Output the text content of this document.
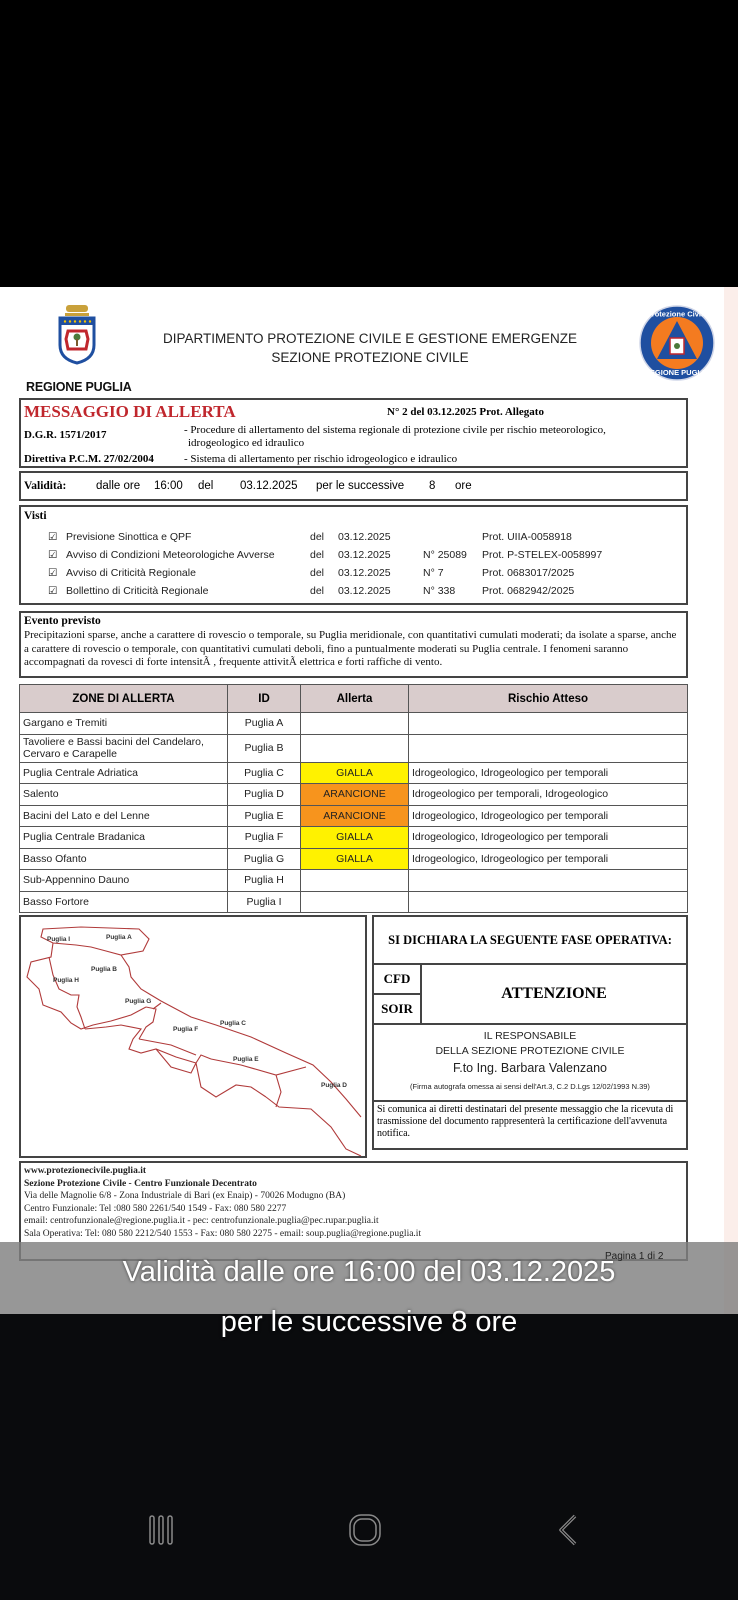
REGIONE PUGLIA
DIPARTIMENTO PROTEZIONE CIVILE E GESTIONE EMERGENZE
SEZIONE PROTEZIONE CIVILE
Protezione Civile
REGIONE PUGLIA
MESSAGGIO DI ALLERTA	N° 2 del 03.12.2025 Prot. Allegato
D.G.R. 1571/2017	- Procedure di allertamento del sistema regionale di protezione civile per rischio meteorologico,
idrogeologico ed idraulico
Direttiva P.C.M. 27/02/2004	- Sistema di allertamento per rischio idrogeologico e idraulico
Validità:	dalle ore	16:00	del	03.12.2025	per le successive	8	ore
Visti
☑ Previsione Sinottica e QPF	del 03.12.2025	Prot. UIIA-0058918
☑ Avviso di Condizioni Meteorologiche Avverse	del 03.12.2025	N° 25089 Prot. P-STELEX-0058997
☑ Avviso di Criticità Regionale	del 03.12.2025	N° 7	Prot. 0683017/2025
☑ Bollettino di Criticità Regionale	del 03.12.2025	N° 338	Prot. 0682942/2025
Evento previsto
Precipitazioni sparse, anche a carattere di rovescio o temporale, su Puglia meridionale, con quantitativi cumulati moderati; da isolate a sparse, anche a carattere di rovescio o temporale, con quantitativi cumulati deboli, fino a puntualmente moderati su Puglia centrale. I fenomeni saranno accompagnati da rovesci di forte intensitÃ , frequente attivitÃ elettrica e forti raffiche di vento.
ZONE DI ALLERTA	ID	Allerta	Rischio Atteso
Gargano e Tremiti	Puglia A		
Tavoliere e Bassi bacini del Candelaro, Cervaro e Carapelle	Puglia B		
Puglia Centrale Adriatica	Puglia C	GIALLA	Idrogeologico, Idrogeologico per temporali
Salento	Puglia D	ARANCIONE	Idrogeologico per temporali, Idrogeologico
Bacini del Lato e del Lenne	Puglia E	ARANCIONE	Idrogeologico, Idrogeologico per temporali
Puglia Centrale Bradanica	Puglia F	GIALLA	Idrogeologico, Idrogeologico per temporali
Basso Ofanto	Puglia G	GIALLA	Idrogeologico, Idrogeologico per temporali
Sub-Appennino Dauno	Puglia H		
Basso Fortore	Puglia I		
Puglia I	Puglia A
Puglia B
Puglia H
Puglia G
Puglia F
Puglia C
Puglia E
Puglia D
SI DICHIARA LA SEGUENTE FASE OPERATIVA:
CFD
SOIR
ATTENZIONE
IL RESPONSABILE
DELLA SEZIONE PROTEZIONE CIVILE
F.to Ing. Barbara Valenzano
(Firma autografa omessa ai sensi dell'Art.3, C.2 D.Lgs 12/02/1993 N.39)
Si comunica ai diretti destinatari del presente messaggio che la ricevuta di trasmissione del documento rappresenterà la certificazione dell'avvenuta notifica.
www.protezionecivile.puglia.it
Sezione Protezione Civile - Centro Funzionale Decentrato
Via delle Magnolie 6/8 - Zona Industriale di Bari (ex Enaip) - 70026 Modugno (BA)
Centro Funzionale: Tel :080 580 2261/540 1549 - Fax: 080 580 2277
email: centrofunzionale@regione.puglia.it - pec: centrofunzionale.puglia@pec.rupar.puglia.it
Sala Operativa: Tel: 080 580 2212/540 1553 - Fax: 080 580 2275 - email: soup.puglia@regione.puglia.it
Pagina 1 di 2
Validità dalle ore 16:00 del 03.12.2025
per le successive 8 ore
